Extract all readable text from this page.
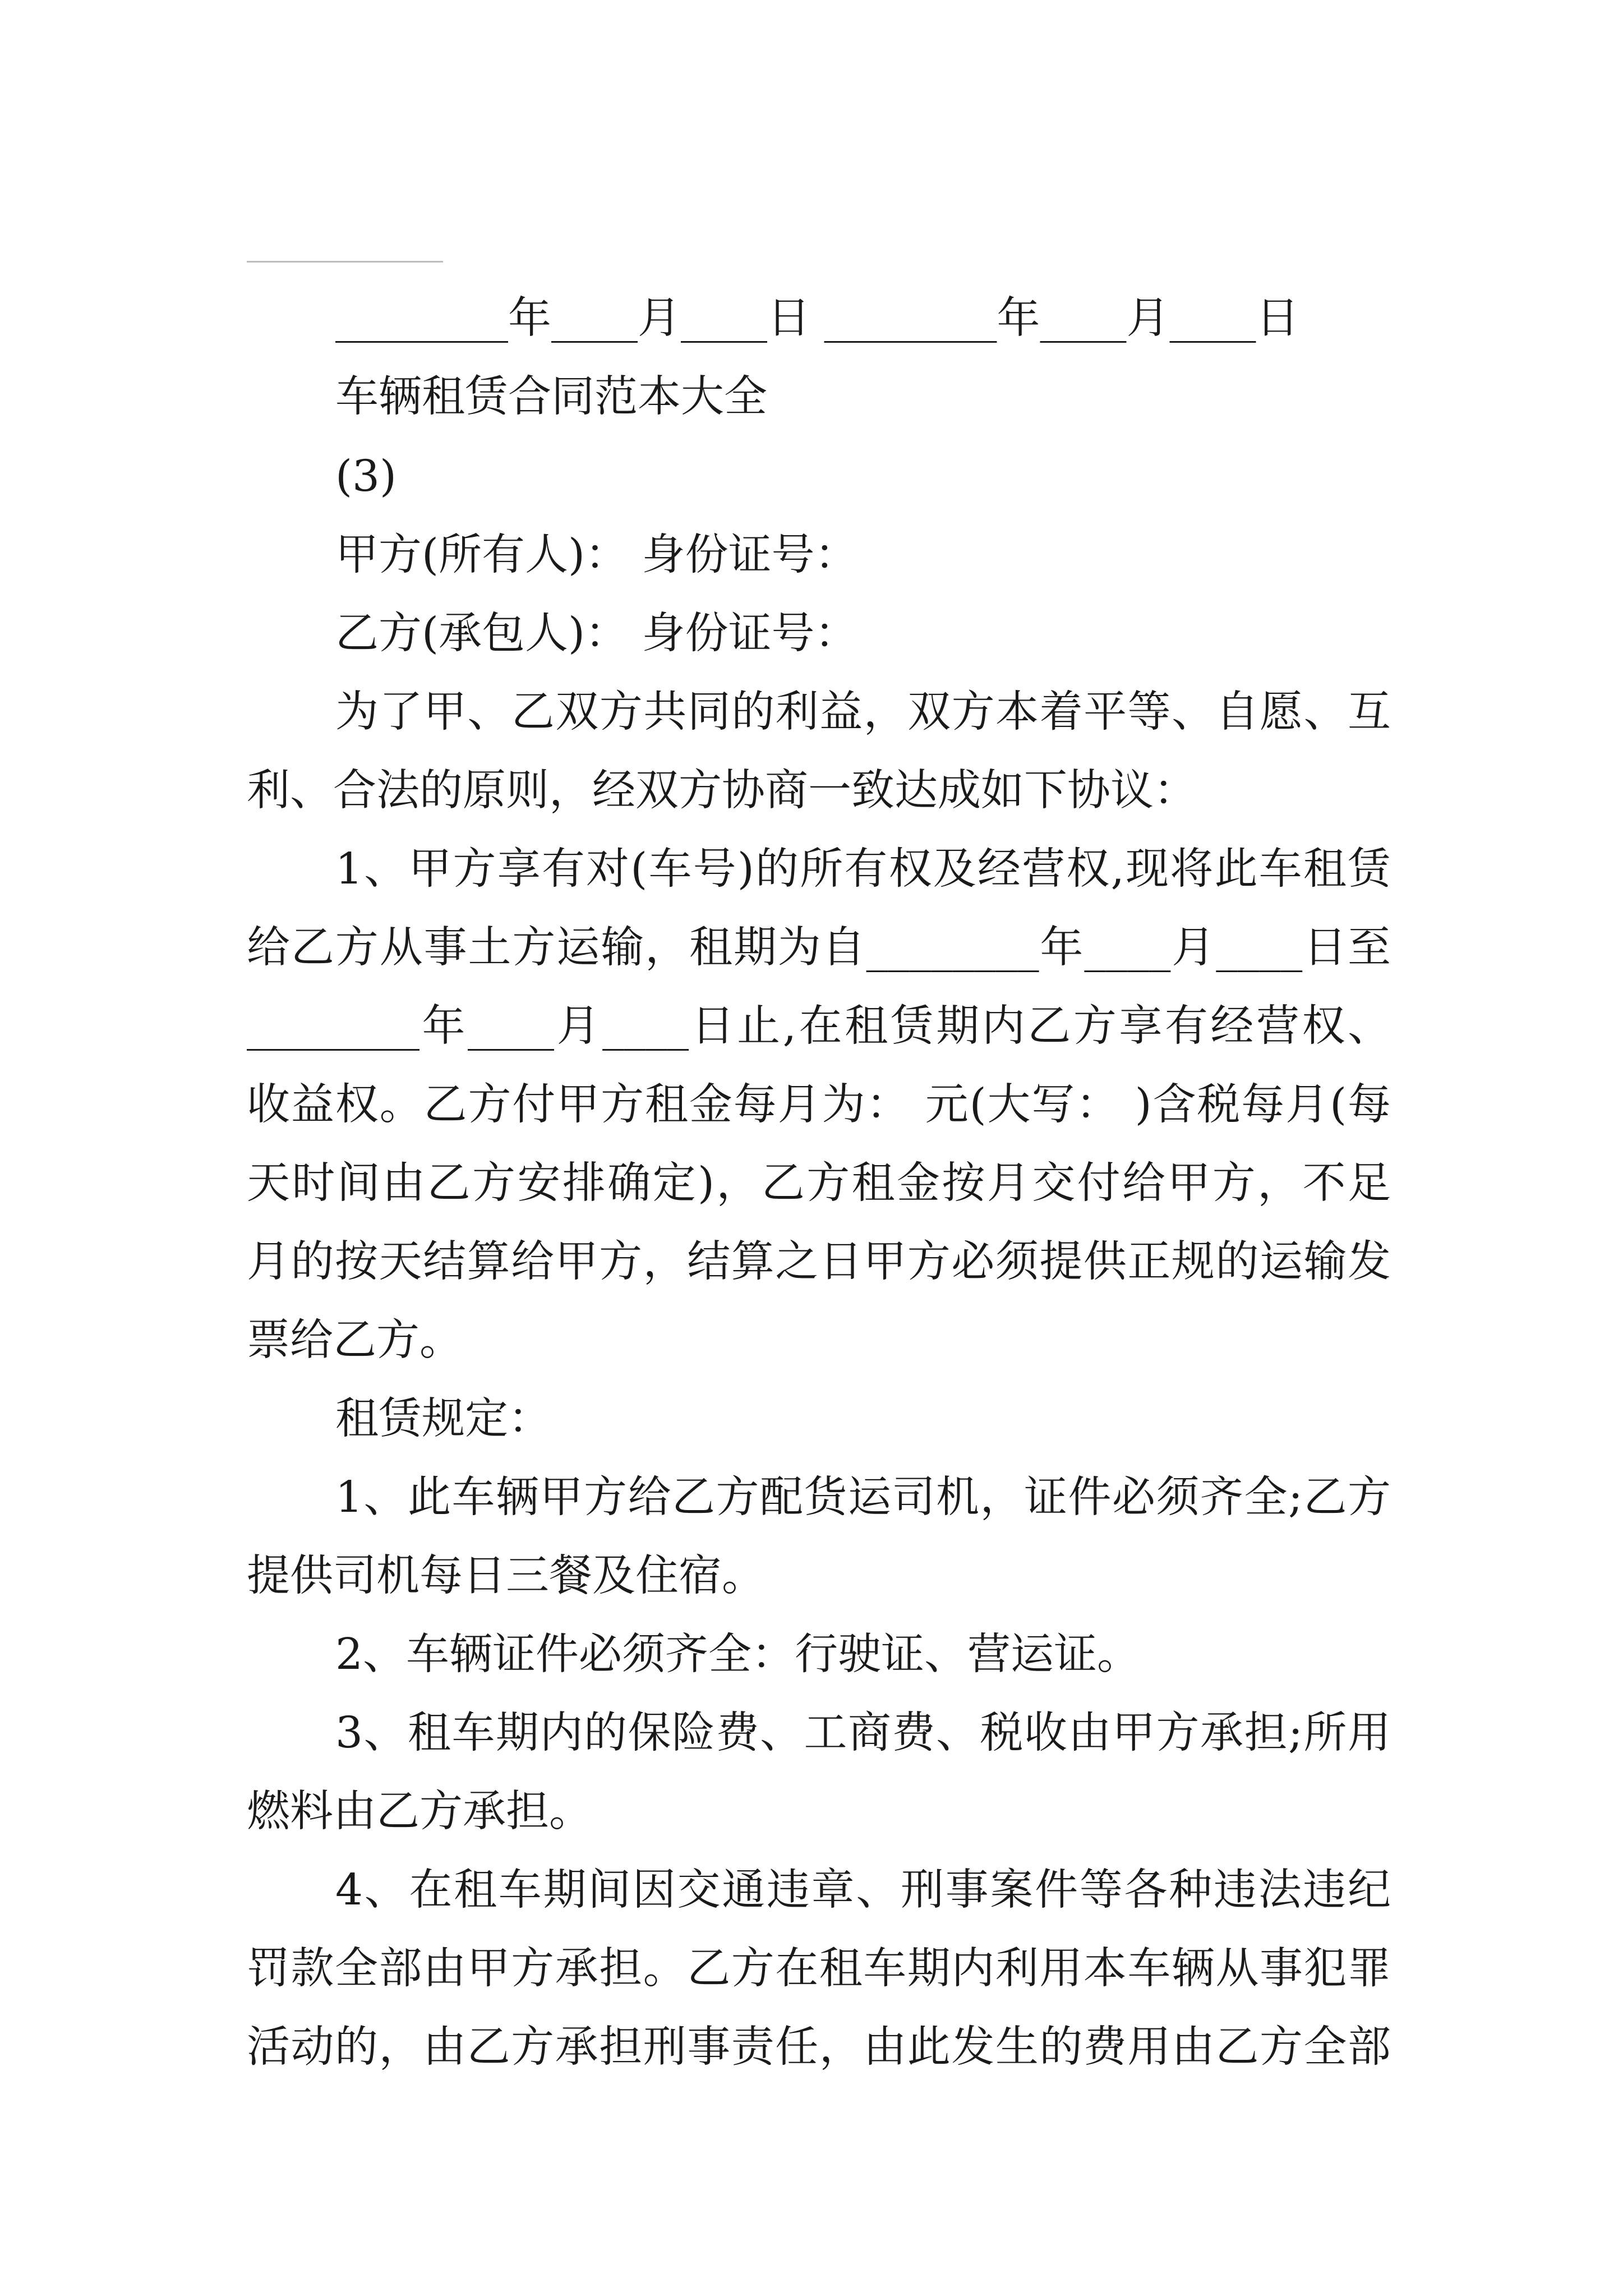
________年____月____日 ________年____月____日
车辆租赁合同范本大全
(3)
甲方(所有人)： 身份证号：
乙方(承包人)： 身份证号：
为了甲、乙双方共同的利益，双方本着平等、自愿、互
利、合法的原则，经双方协商一致达成如下协议：
1、甲方享有对(车号)的所有权及经营权,现将此车租赁
给乙方从事土方运输，租期为自________年____月____日至
________年____月____日止,在租赁期内乙方享有经营权、
收益权。乙方付甲方租金每月为： 元(大写： )含税每月(每
天时间由乙方安排确定)，乙方租金按月交付给甲方，不足
月的按天结算给甲方，结算之日甲方必须提供正规的运输发
票给乙方。
租赁规定：
1、此车辆甲方给乙方配货运司机，证件必须齐全;乙方
提供司机每日三餐及住宿。
2、车辆证件必须齐全：行驶证、营运证。
3、租车期内的保险费、工商费、税收由甲方承担;所用
燃料由乙方承担。
4、在租车期间因交通违章、刑事案件等各种违法违纪
罚款全部由甲方承担。乙方在租车期内利用本车辆从事犯罪
活动的，由乙方承担刑事责任，由此发生的费用由乙方全部
